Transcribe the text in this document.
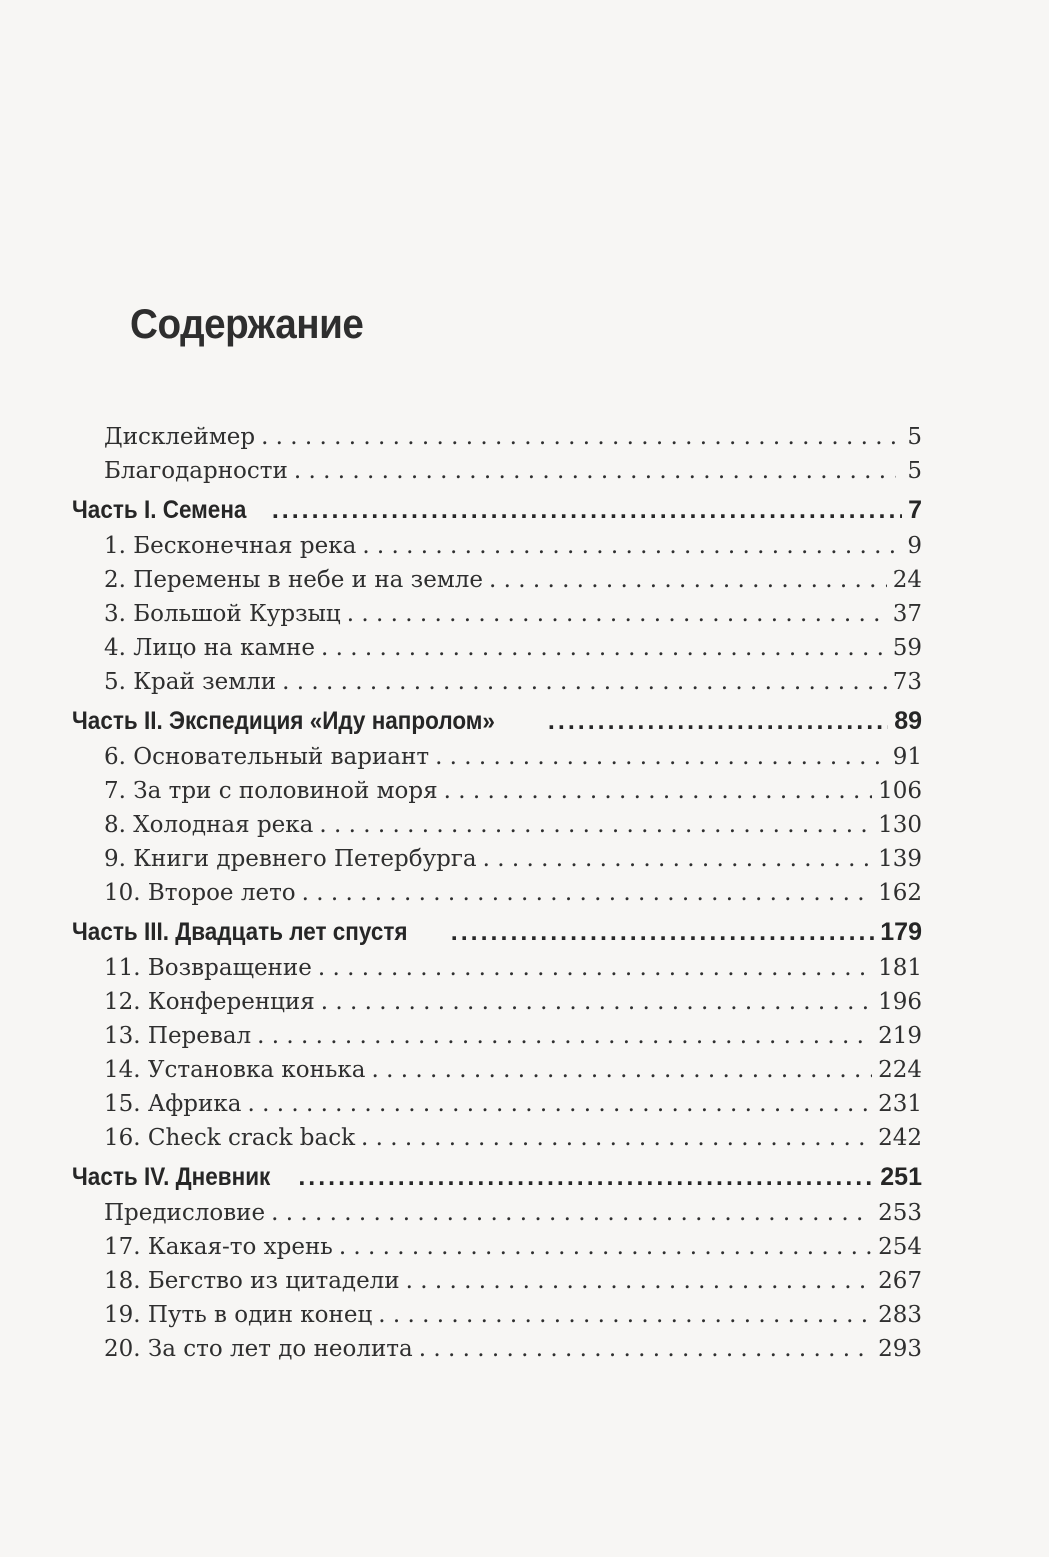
Содержание
Дисклеймер . . .	5
Благодарности . . .	5
Часть I. Семена .....	7
1. Бесконечная река . . .	9
2. Перемены в небе и на земле . . .	24
3. Большой Курзыц . . .	37
4. Лицо на камне . . .	59
5. Край земли . . .	73
Часть II. Экспедиция «Иду напролом» .....	89
6. Основательный вариант . . .	91
7. За три с половиной моря . . .	106
8. Холодная река . . .	130
9. Книги древнего Петербурга . . .	139
10. Второе лето . . .	162
Часть III. Двадцать лет спустя .....	179
11. Возвращение . . .	181
12. Конференция . . .	196
13. Перевал . . .	219
14. Установка конька . . .	224
15. Африка . . .	231
16. Check crack back . . .	242
Часть IV. Дневник .....	251
Предисловие . . .	253
17. Какая-то хрень . . .	254
18. Бегство из цитадели . . .	267
19. Путь в один конец . . .	283
20. За сто лет до неолита . . .	293
